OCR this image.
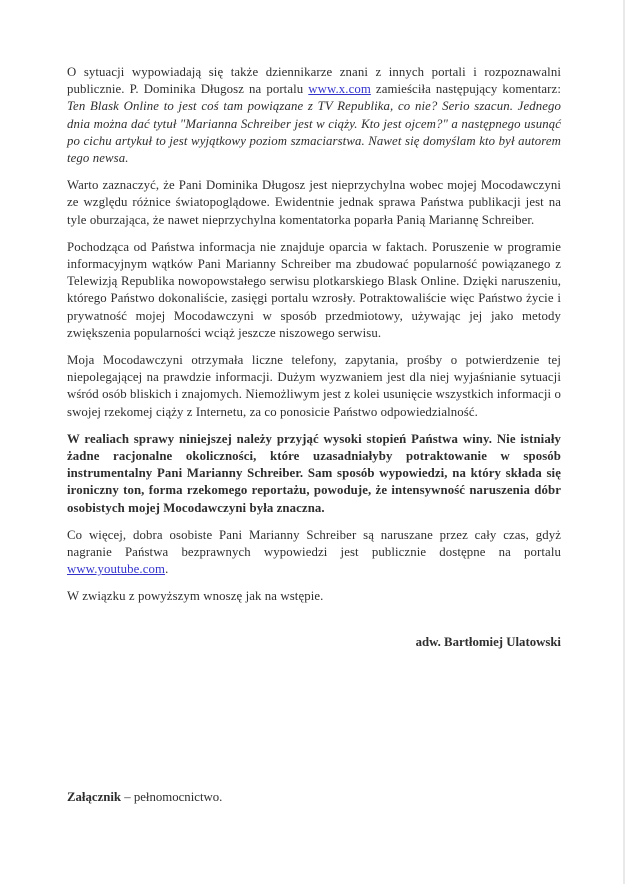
O sytuacji wypowiadają się także dziennikarze znani z innych portali i rozpoznawalni publicznie. P. Dominika Długosz na portalu www.x.com zamieściła następujący komentarz: Ten Blask Online to jest coś tam powiązane z TV Republika, co nie? Serio szacun. Jednego dnia można dać tytuł "Marianna Schreiber jest w ciąży. Kto jest ojcem?" a następnego usunąć po cichu artykuł to jest wyjątkowy poziom szmaciarstwa. Nawet się domyślam kto był autorem tego newsa.

Warto zaznaczyć, że Pani Dominika Długosz jest nieprzychylna wobec mojej Mocodawczyni ze względu różnice światopoglądowe. Ewidentnie jednak sprawa Państwa publikacji jest na tyle oburzająca, że nawet nieprzychylna komentatorka poparła Panią Mariannę Schreiber.

Pochodząca od Państwa informacja nie znajduje oparcia w faktach. Poruszenie w programie informacyjnym wątków Pani Marianny Schreiber ma zbudować popularność powiązanego z Telewizją Republika nowopowstałego serwisu plotkarskiego Blask Online. Dzięki naruszeniu, którego Państwo dokonaliście, zasięgi portalu wzrosły. Potraktowaliście więc Państwo życie i prywatność mojej Mocodawczyni w sposób przedmiotowy, używając jej jako metody zwiększenia popularności wciąż jeszcze niszowego serwisu.

Moja Mocodawczyni otrzymała liczne telefony, zapytania, prośby o potwierdzenie tej niepolegającej na prawdzie informacji. Dużym wyzwaniem jest dla niej wyjaśnianie sytuacji wśród osób bliskich i znajomych. Niemożliwym jest z kolei usunięcie wszystkich informacji o swojej rzekomej ciąży z Internetu, za co ponosicie Państwo odpowiedzialność.

W realiach sprawy niniejszej należy przyjąć wysoki stopień Państwa winy. Nie istniały żadne racjonalne okoliczności, które uzasadniałyby potraktowanie w sposób instrumentalny Pani Marianny Schreiber. Sam sposób wypowiedzi, na który składa się ironiczny ton, forma rzekomego reportażu, powoduje, że intensywność naruszenia dóbr osobistych mojej Mocodawczyni była znaczna.

Co więcej, dobra osobiste Pani Marianny Schreiber są naruszane przez cały czas, gdyż nagranie Państwa bezprawnych wypowiedzi jest publicznie dostępne na portalu www.youtube.com.

W związku z powyższym wnoszę jak na wstępie.

adw. Bartłomiej Ulatowski
Załącznik – pełnomocnictwo.
